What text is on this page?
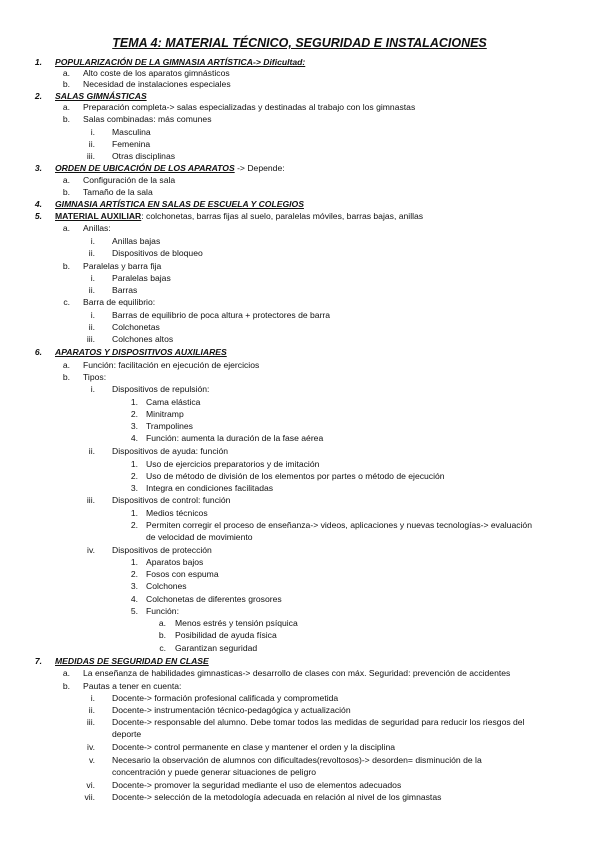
TEMA 4: MATERIAL TÉCNICO, SEGURIDAD E INSTALACIONES
1. POPULARIZACIÓN DE LA GIMNASIA ARTÍSTICA-> Dificultad:
a. Alto coste de los aparatos gimnásticos
b. Necesidad de instalaciones especiales
2. SALAS GIMNÁSTICAS
a. Preparación completa-> salas especializadas y destinadas al trabajo con los gimnastas
b. Salas combinadas: más comunes
i. Masculina
ii. Femenina
iii. Otras disciplinas
3. ORDEN DE UBICACIÓN DE LOS APARATOS -> Depende:
a. Configuración de la sala
b. Tamaño de la sala
4. GIMNASIA ARTÍSTICA EN SALAS DE ESCUELA Y COLEGIOS
5. MATERIAL AUXILIAR: colchonetas, barras fijas al suelo, paralelas móviles, barras bajas, anillas
a. Anillas:
i. Anillas bajas
ii. Dispositivos de bloqueo
b. Paralelas y barra fija
i. Paralelas bajas
ii. Barras
c. Barra de equilibrio:
i. Barras de equilibrio de poca altura + protectores de barra
ii. Colchonetas
iii. Colchones altos
6. APARATOS Y DISPOSITIVOS AUXILIARES
a. Función: facilitación en ejecución de ejercicios
b. Tipos:
i. Dispositivos de repulsión:
1. Cama elástica
2. Minitramp
3. Trampolines
4. Función: aumenta la duración de la fase aérea
ii. Dispositivos de ayuda: función
1. Uso de ejercicios preparatorios y de imitación
2. Uso de método de división de los elementos por partes o método de ejecución
3. Integra en condiciones facilitadas
iii. Dispositivos de control: función
1. Medios técnicos
2. Permiten corregir el proceso de enseñanza-> videos, aplicaciones y nuevas tecnologías-> evaluación
de velocidad de movimiento
iv. Dispositivos de protección
1. Aparatos bajos
2. Fosos con espuma
3. Colchones
4. Colchonetas de diferentes grosores
5. Función:
a. Menos estrés y tensión psíquica
b. Posibilidad de ayuda física
c. Garantizan seguridad
7. MEDIDAS DE SEGURIDAD EN CLASE
a. La enseñanza de habilidades gimnasticas-> desarrollo de clases con máx. Seguridad: prevención de accidentes
b. Pautas a tener en cuenta:
i. Docente-> formación profesional calificada y comprometida
ii. Docente-> instrumentación técnico-pedagógica y actualización
iii. Docente-> responsable del alumno. Debe tomar todos las medidas de seguridad para reducir los riesgos del
deporte
iv. Docente-> control permanente en clase y mantener el orden y la disciplina
v. Necesario la observación de alumnos con dificultades(revoltosos)-> desorden= disminución de la
concentración y puede generar situaciones de peligro
vi. Docente-> promover la seguridad mediante el uso de elementos adecuados
vii. Docente-> selección de la metodología adecuada en relación al nivel de los gimnastas
